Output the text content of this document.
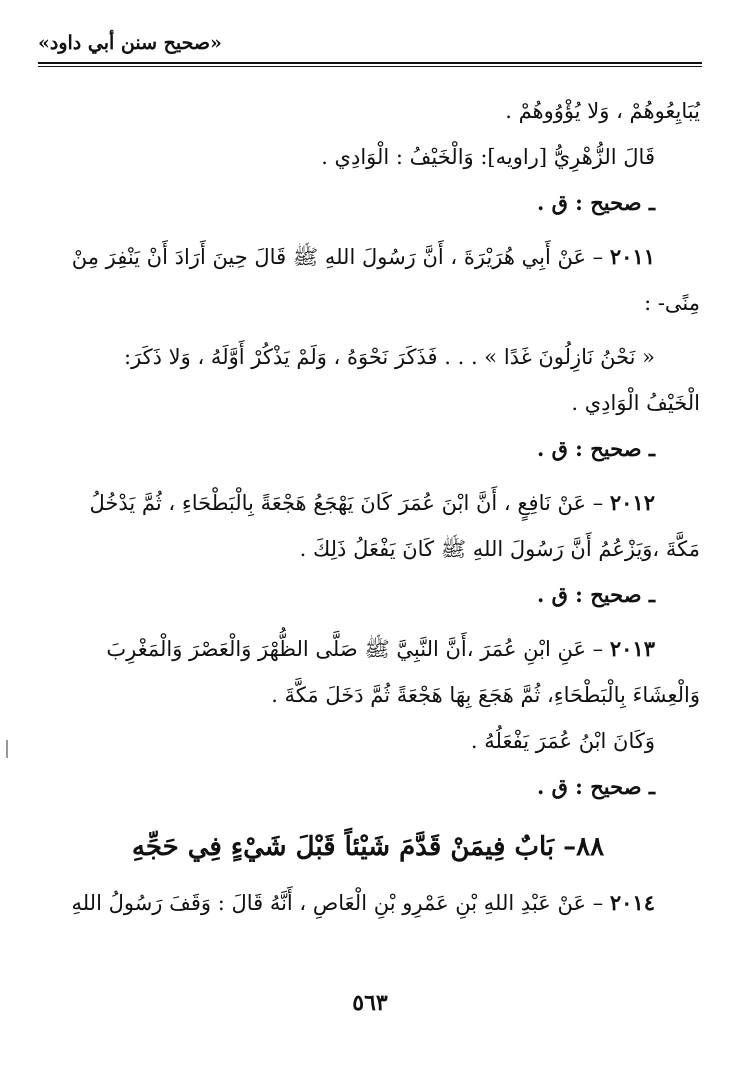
«صحيح سنن أبي داود»

يُبَايِعُوهُمْ ، وَلا يُؤْوُوهُمْ .

قَالَ الزُّهْرِيُّ [راويه]: وَالْخَيْفُ : الْوَادِي .

ـ صحيح : ق .

٢٠١١ – عَنْ أَبِي هُرَيْرَةَ ، أَنَّ رَسُولَ اللهِ ﷺ قَالَ حِينَ أَرَادَ أَنْ يَنْفِرَ مِنْ
مِنًى- :

« نَحْنُ نَازِلُونَ غَدًا » . . . فَذَكَرَ نَحْوَهُ ، وَلَمْ يَذْكُرْ أَوَّلَهُ ، وَلا ذَكَرَ:
الْخَيْفُ الْوَادِي .

ـ صحيح : ق .

٢٠١٢ – عَنْ نَافِعٍ ، أَنَّ ابْنَ عُمَرَ كَانَ يَهْجَعُ هَجْعَةً بِالْبَطْحَاءِ ، ثُمَّ يَدْخُلُ
مَكَّةَ ،وَيَزْعُمُ أَنَّ رَسُولَ اللهِ ﷺ كَانَ يَفْعَلُ ذَلِكَ .

ـ صحيح : ق .

٢٠١٣ – عَنِ ابْنِ عُمَرَ ،أَنَّ النَّبِيَّ ﷺ صَلَّى الظُّهْرَ وَالْعَصْرَ وَالْمَغْرِبَ
وَالْعِشَاءَ بِالْبَطْحَاءِ، ثُمَّ هَجَعَ بِهَا هَجْعَةً ثُمَّ دَخَلَ مَكَّةَ .

وَكَانَ ابْنُ عُمَرَ يَفْعَلُهُ .

ـ صحيح : ق .

٨٨– بَابٌ فِيمَنْ قَدَّمَ شَيْئاً قَبْلَ شَيْءٍ فِي حَجِّهِ

٢٠١٤ – عَنْ عَبْدِ اللهِ بْنِ عَمْرِو بْنِ الْعَاصِ ، أَنَّهُ قَالَ : وَقَفَ رَسُولُ اللهِ

٥٦٣
